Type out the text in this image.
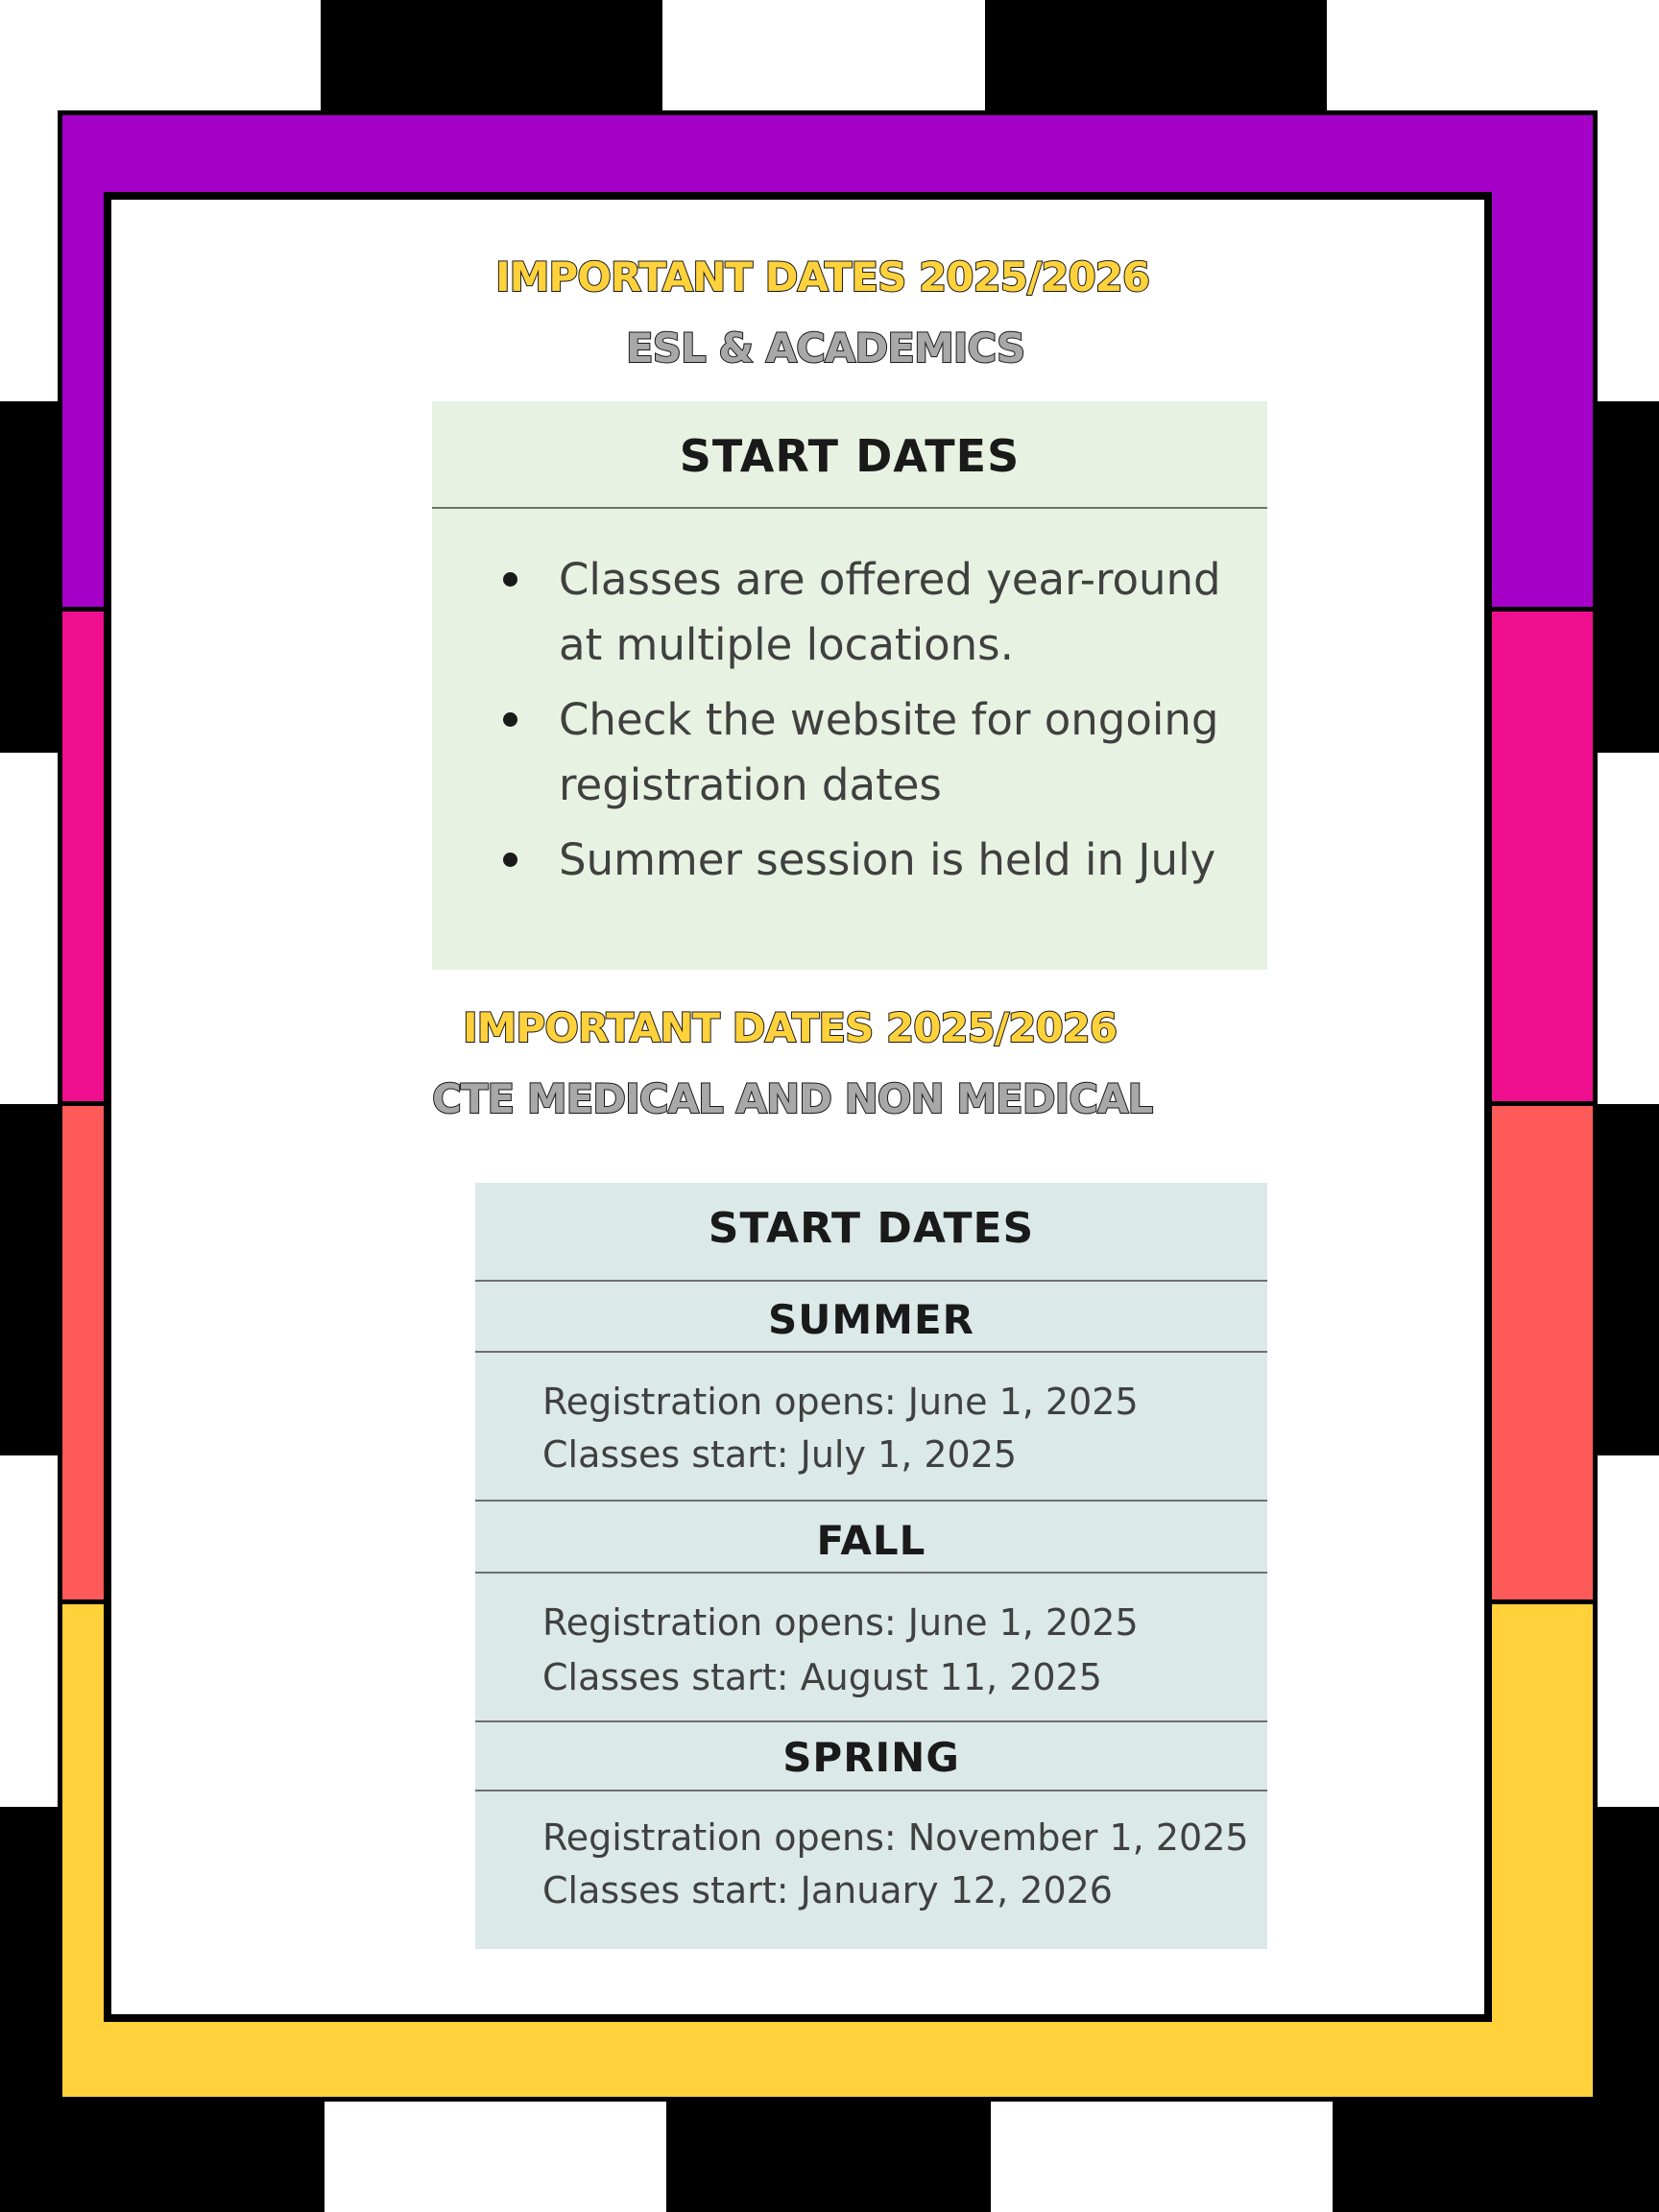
IMPORTANT DATES 2025/2026
ESL & ACADEMICS
START DATES
Classes are offered year-round
at multiple locations.
Check the website for ongoing
registration dates
Summer session is held in July
IMPORTANT DATES 2025/2026
CTE MEDICAL AND NON MEDICAL
START DATES
SUMMER
Registration opens: June 1, 2025
Classes start: July 1, 2025
FALL
Registration opens: June 1, 2025
Classes start: August 11, 2025
SPRING
Registration opens: November 1, 2025
Classes start: January 12, 2026
